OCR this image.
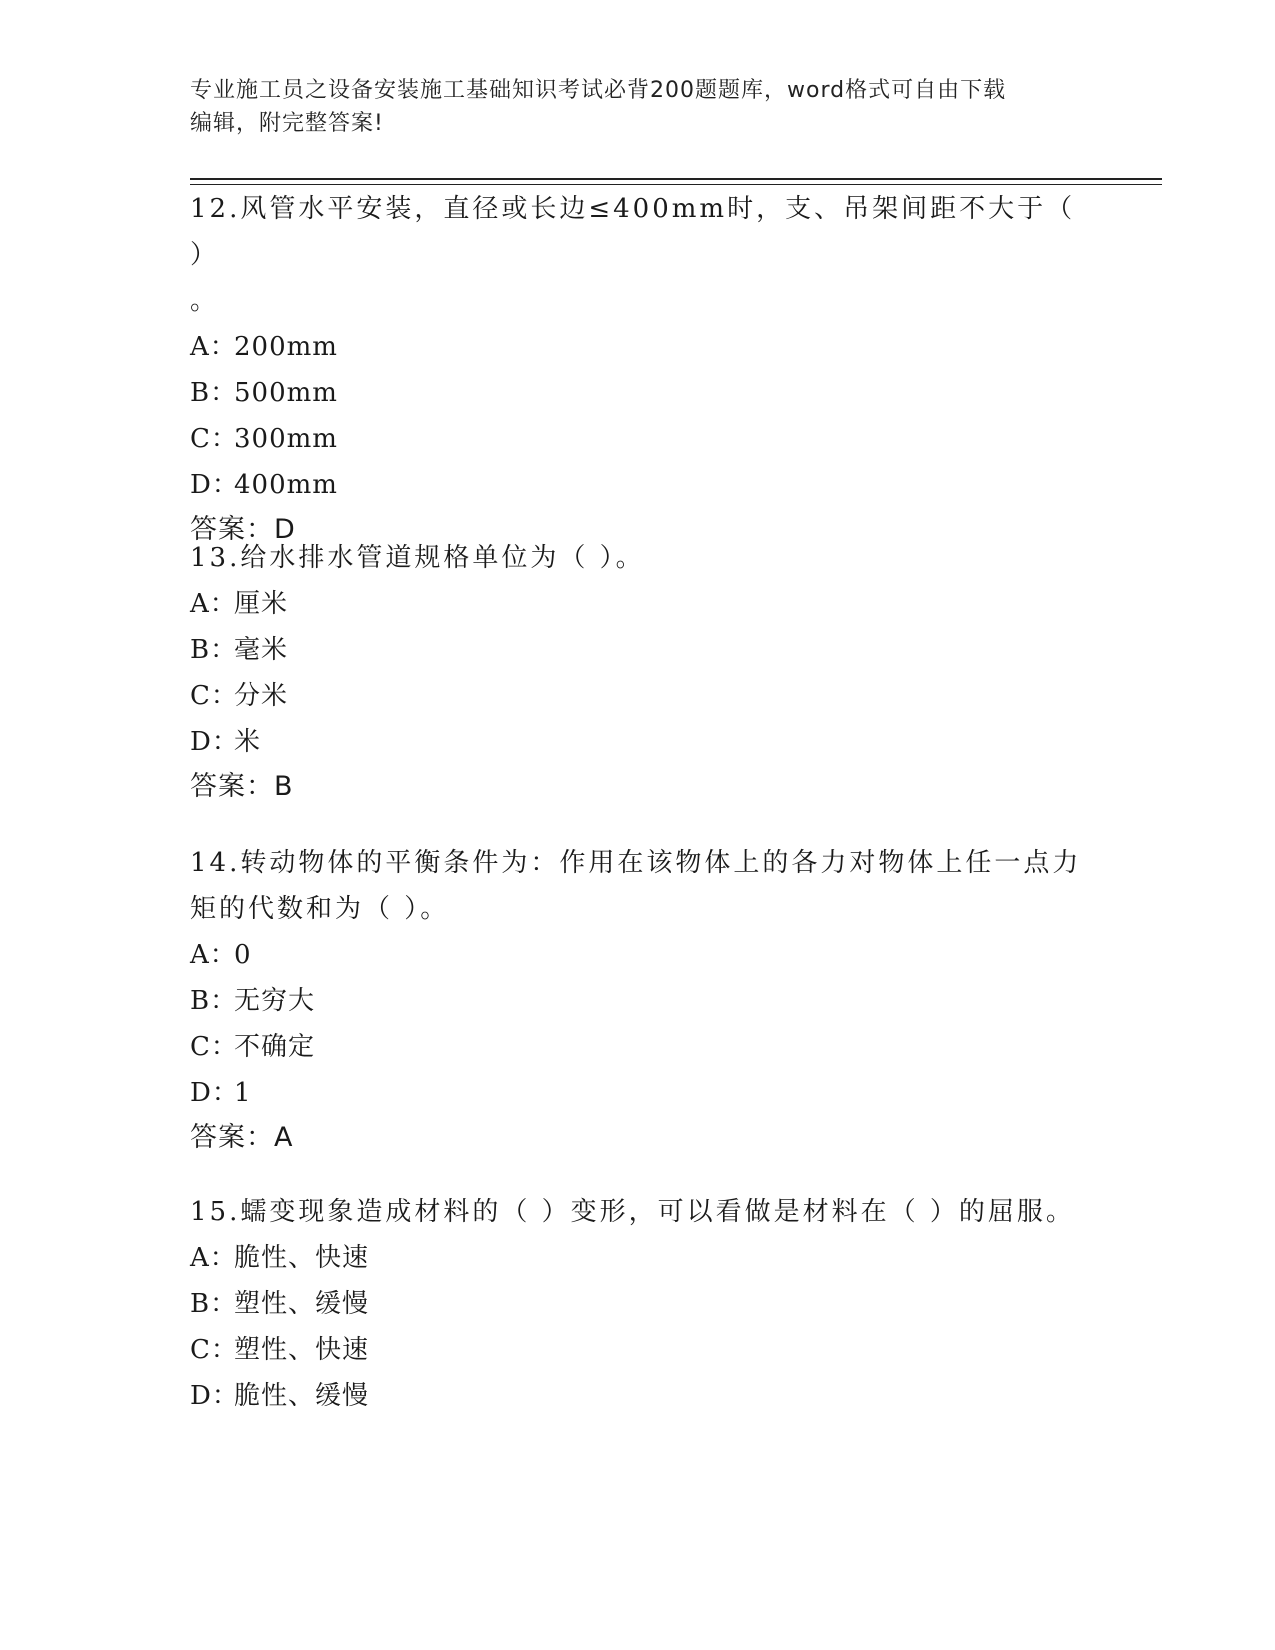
专业施工员之设备安装施工基础知识考试必背200题题库，word格式可自由下载
编辑，附完整答案!

12.风管水平安装，直径或长边≤400mm时，支、吊架间距不大于（ ）

。

A：200mm

B：500mm

C：300mm

D：400mm

答案：D

13.给水排水管道规格单位为（ ）。

A：厘米

B：毫米

C：分米

D：米

答案：B

14.转动物体的平衡条件为：作用在该物体上的各力对物体上任一点力

矩的代数和为（ ）。

A：0

B：无穷大

C：不确定

D：1

答案：A

15.蠕变现象造成材料的（ ）变形，可以看做是材料在（ ）的屈服。

A：脆性、快速

B：塑性、缓慢

C：塑性、快速

D：脆性、缓慢
